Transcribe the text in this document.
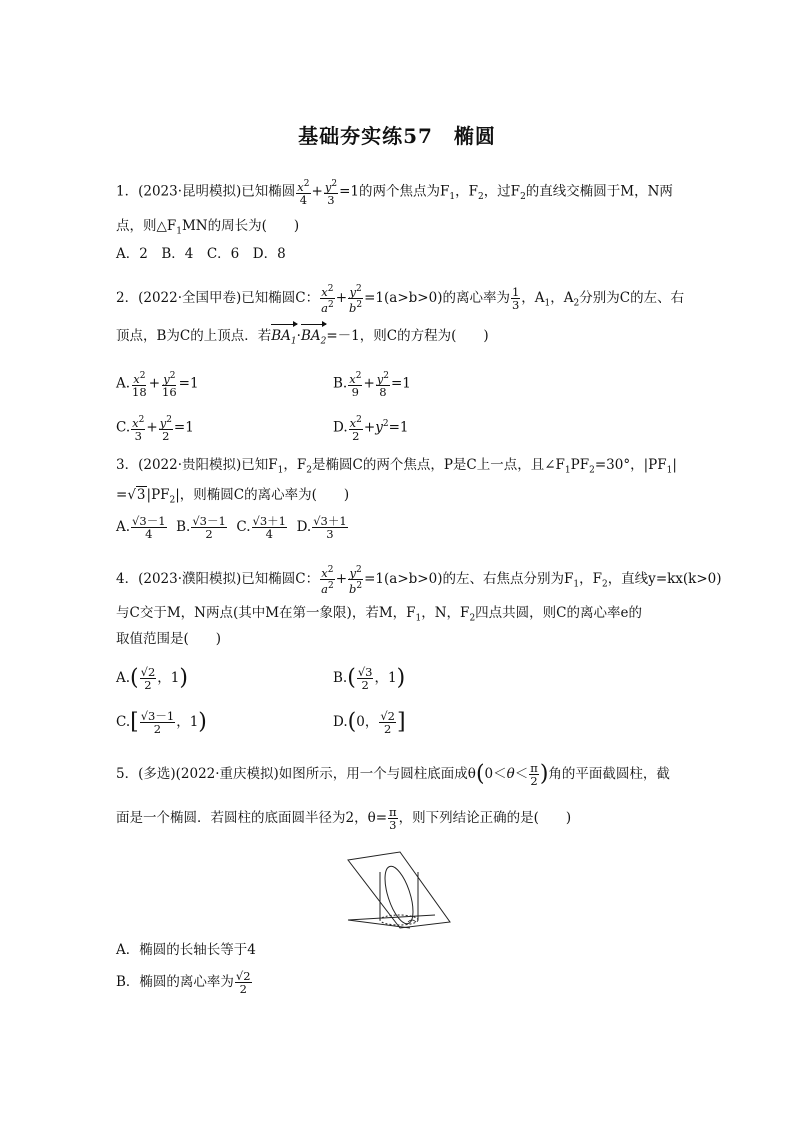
基础夯实练57　椭圆
1．(2023·昆明模拟)已知椭圆 $\frac{x^2}{4} + \frac{y^2}{3} =1$的两个焦点为$F_1$，$F_2$，过$F_2$的直线交椭圆于M，N两
点，则$\triangle F_1MN$的周长为(　　)
A．2　B．4　C．6　D．8
2．(2022·全国甲卷)已知椭圆C： $\frac{x^2}{a^2} + \frac{y^2}{b^2} =1(a>b>0)$的离心率为 $\frac{1}{3}$ ，$A_1$，$A_2$分别为C的左、右
顶点，B为C的上顶点．若$BA_1\cdot BA_2=-1$，则C的方程为(　　)
A. $\frac{x^2}{18} + \frac{y^2}{16} =1$	B. $\frac{x^2}{9} + \frac{y^2}{8} =1$
C. $\frac{x^2}{3} + \frac{y^2}{2} =1$	D. $\frac{x^2}{2} +y^2=1$
3．(2022·贵阳模拟)已知$F_1$，$F_2$是椭圆C的两个焦点，P是C上一点，且$\angle F_1PF_2=30^\circ$，$|PF_1|$
$=√3|PF_2|$，则椭圆C的离心率为(　　)
A. $\frac{√3-1}{4} B$. $\frac{√3-1}{2} C$. $\frac{√3+1}{4} D$. $\frac{√3+1}{3}$
4．(2023·濮阳模拟)已知椭圆C： $\frac{x^2}{a^2} + \frac{y^2}{b^2} =1(a>b>0)$的左、右焦点分别为$F_1$，$F_2$，直线y=kx(k>0)
与C交于M，N两点(其中M在第一象限)，若M，$F_1$，N，$F_2$四点共圆，则C的离心率e的
取值范围是(　　)
$A.( \frac{√2}{2}$ ，1)	$B.( \frac{√3}{2}$ ，1)
$C.[ \frac{√3-1}{2}$ ，1)	D.(0， $\frac{√2}{2}$ ]
5．(多选)(2022·重庆模拟)如图所示，用一个与圆柱底面成$\theta(0<\theta< \frac{\pi}{2}$ )角的平面截圆柱，截
面是一个椭圆．若圆柱的底面圆半径为2，$\theta= \frac{\pi}{3}$ ，则下列结论正确的是(　　)
A．椭圆的长轴长等于4
B．椭圆的离心率为 $\frac{√2}{2}$
